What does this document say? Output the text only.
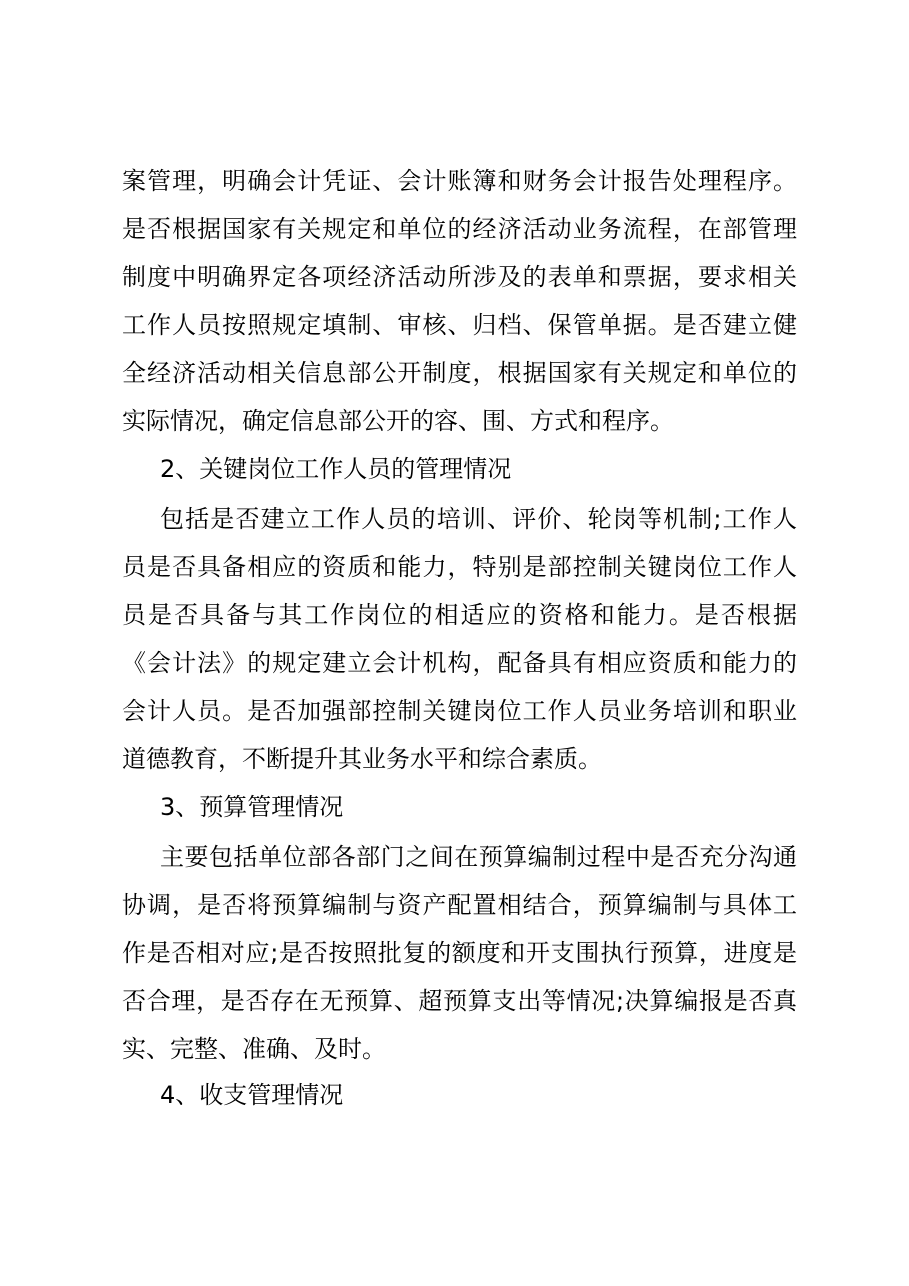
案管理，明确会计凭证、会计账簿和财务会计报告处理程序。
是否根据国家有关规定和单位的经济活动业务流程，在部管理
制度中明确界定各项经济活动所涉及的表单和票据，要求相关
工作人员按照规定填制、审核、归档、保管单据。是否建立健
全经济活动相关信息部公开制度，根据国家有关规定和单位的
实际情况，确定信息部公开的容、围、方式和程序。
2、关键岗位工作人员的管理情况
包括是否建立工作人员的培训、评价、轮岗等机制;工作人
员是否具备相应的资质和能力，特别是部控制关键岗位工作人
员是否具备与其工作岗位的相适应的资格和能力。是否根据
《会计法》的规定建立会计机构，配备具有相应资质和能力的
会计人员。是否加强部控制关键岗位工作人员业务培训和职业
道德教育，不断提升其业务水平和综合素质。
3、预算管理情况
主要包括单位部各部门之间在预算编制过程中是否充分沟通
协调，是否将预算编制与资产配置相结合，预算编制与具体工
作是否相对应;是否按照批复的额度和开支围执行预算，进度是
否合理，是否存在无预算、超预算支出等情况;决算编报是否真
实、完整、准确、及时。
4、收支管理情况
